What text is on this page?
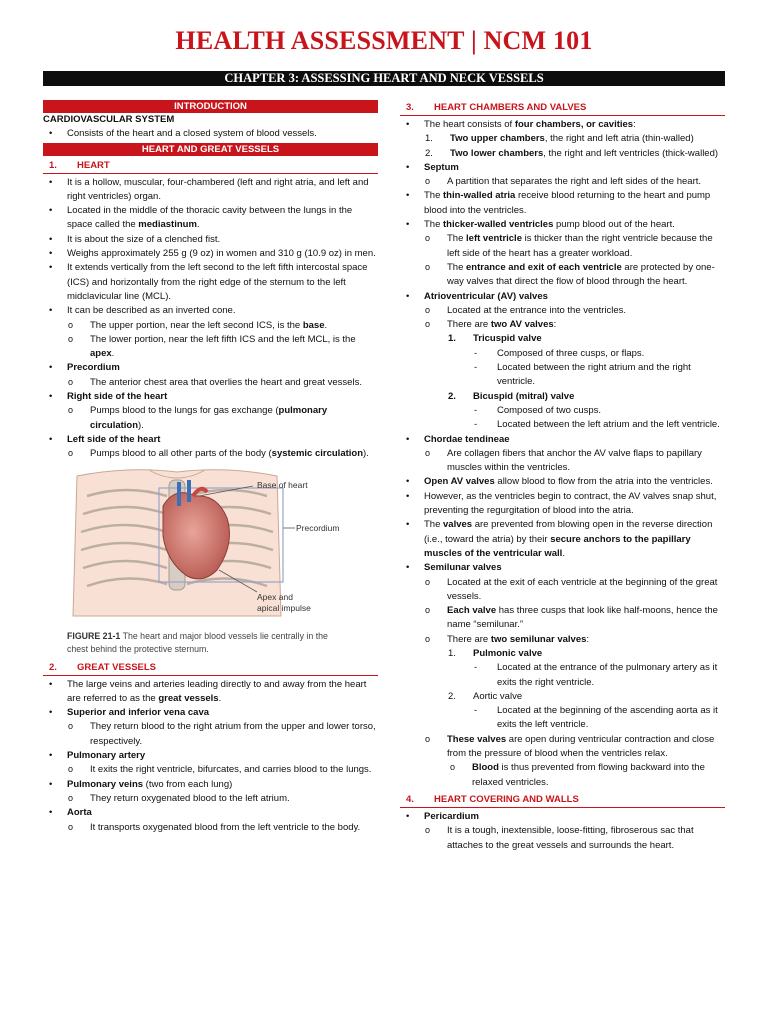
HEALTH ASSESSMENT | NCM 101
CHAPTER 3: ASSESSING HEART AND NECK VESSELS
INTRODUCTION
CARDIOVASCULAR SYSTEM
• Consists of the heart and a closed system of blood vessels.
HEART AND GREAT VESSELS
1. HEART
• It is a hollow, muscular, four-chambered (left and right atria, and left and right ventricles) organ.
• Located in the middle of the thoracic cavity between the lungs in the space called the mediastinum.
• It is about the size of a clenched fist.
• Weighs approximately 255 g (9 oz) in women and 310 g (10.9 oz) in men.
• It extends vertically from the left second to the left fifth intercostal space (ICS) and horizontally from the right edge of the sternum to the left midclavicular line (MCL).
• It can be described as an inverted cone.
o The upper portion, near the left second ICS, is the base.
o The lower portion, near the left fifth ICS and the left MCL, is the apex.
• Precordium
o The anterior chest area that overlies the heart and great vessels.
• Right side of the heart
o Pumps blood to the lungs for gas exchange (pulmonary circulation).
• Left side of the heart
o Pumps blood to all other parts of the body (systemic circulation).
Base of heart
Precordium
Apex and
apical impulse
FIGURE 21-1 The heart and major blood vessels lie centrally in the chest behind the protective sternum.
2. GREAT VESSELS
• The large veins and arteries leading directly to and away from the heart are referred to as the great vessels.
• Superior and inferior vena cava
o They return blood to the right atrium from the upper and lower torso, respectively.
• Pulmonary artery
o It exits the right ventricle, bifurcates, and carries blood to the lungs.
• Pulmonary veins (two from each lung)
o They return oxygenated blood to the left atrium.
• Aorta
o It transports oxygenated blood from the left ventricle to the body.
3. HEART CHAMBERS AND VALVES
• The heart consists of four chambers, or cavities:
1. Two upper chambers, the right and left atria (thin-walled)
2. Two lower chambers, the right and left ventricles (thick-walled)
• Septum
o A partition that separates the right and left sides of the heart.
• The thin-walled atria receive blood returning to the heart and pump blood into the ventricles.
• The thicker-walled ventricles pump blood out of the heart.
o The left ventricle is thicker than the right ventricle because the left side of the heart has a greater workload.
o The entrance and exit of each ventricle are protected by one-way valves that direct the flow of blood through the heart.
• Atrioventricular (AV) valves
o Located at the entrance into the ventricles.
o There are two AV valves:
1. Tricuspid valve
- Composed of three cusps, or flaps.
- Located between the right atrium and the right ventricle.
2. Bicuspid (mitral) valve
- Composed of two cusps.
- Located between the left atrium and the left ventricle.
• Chordae tendineae
o Are collagen fibers that anchor the AV valve flaps to papillary muscles within the ventricles.
• Open AV valves allow blood to flow from the atria into the ventricles.
• However, as the ventricles begin to contract, the AV valves snap shut, preventing the regurgitation of blood into the atria.
• The valves are prevented from blowing open in the reverse direction (i.e., toward the atria) by their secure anchors to the papillary muscles of the ventricular wall.
• Semilunar valves
o Located at the exit of each ventricle at the beginning of the great vessels.
o Each valve has three cusps that look like half-moons, hence the name “semilunar.”
o There are two semilunar valves:
1. Pulmonic valve
- Located at the entrance of the pulmonary artery as it exits the right ventricle.
2. Aortic valve
- Located at the beginning of the ascending aorta as it exits the left ventricle.
o These valves are open during ventricular contraction and close from the pressure of blood when the ventricles relax.
o Blood is thus prevented from flowing backward into the relaxed ventricles.
4. HEART COVERING AND WALLS
• Pericardium
o It is a tough, inextensible, loose-fitting, fibroserous sac that attaches to the great vessels and surrounds the heart.
